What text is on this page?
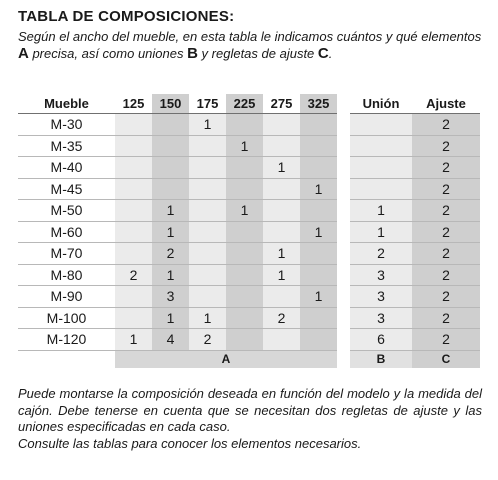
TABLA DE COMPOSICIONES:
Según el ancho del mueble, en esta tabla le indicamos cuántos y qué elementos A precisa, así como uniones B y regletas de ajuste C.
Mueble	125	150	175	225	275	325
M-30			1			
M-35				1		
M-40					1	
M-45						1
M-50		1		1		
M-60		1				1
M-70		2			1	
M-80	2	1			1	
M-90		3				1
M-100		1	1		2	
M-120	1	4	2			
	A					
Unión	Ajuste
	2
	2
	2
	2
1	2
1	2
2	2
3	2
3	2
3	2
6	2
B	C

Puede montarse la composición deseada en función del modelo y la medida del cajón. Debe tenerse en cuenta que se necesitan dos regletas de ajuste y las uniones especificadas en cada caso.

Consulte las tablas para conocer los elementos necesarios.
